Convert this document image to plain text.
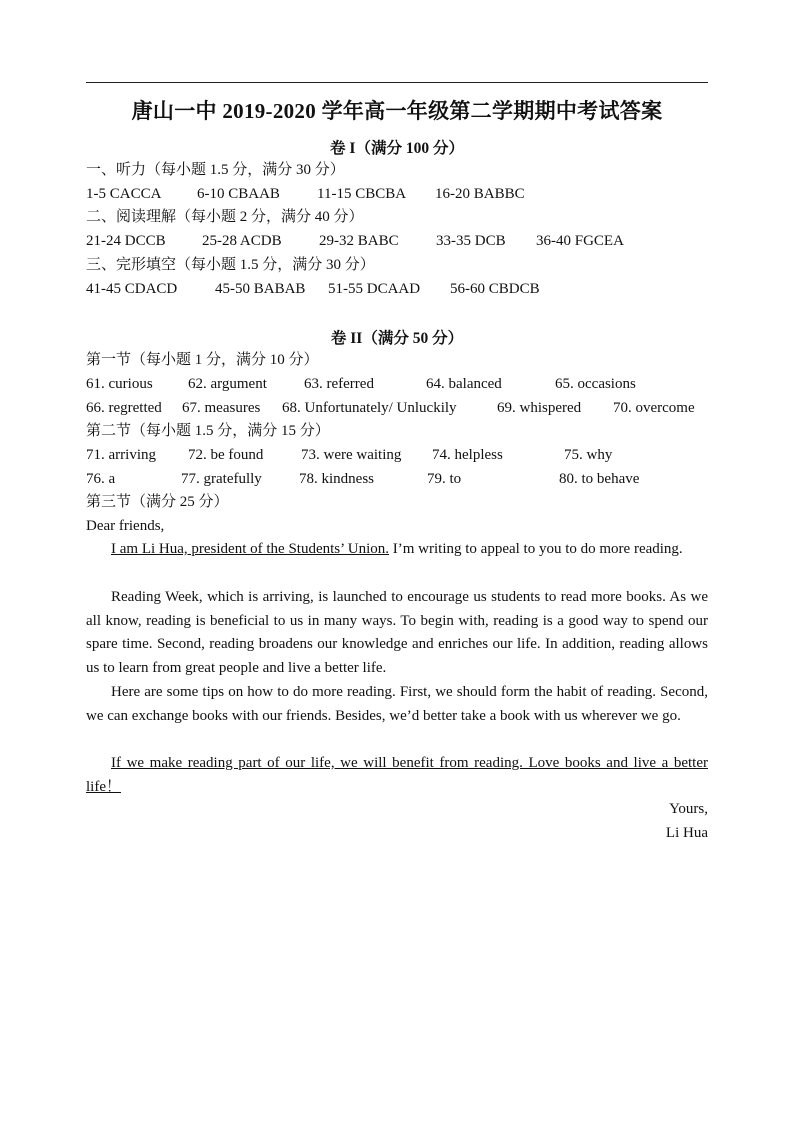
唐山一中 2019-2020 学年高一年级第二学期期中考试答案
卷 I（满分 100 分）
一、听力（每小题 1.5 分，满分 30 分）
1-5 CACCA 6-10 CBAAB 11-15 CBCBA 16-20 BABBC
二、阅读理解（每小题 2 分，满分 40 分）
21-24 DCCB 25-28 ACDB 29-32 BABC 33-35 DCB 36-40 FGCEA
三、完形填空（每小题 1.5 分，满分 30 分）
41-45 CDACD	45-50 BABAB 51-55 DCAAD 56-60 CBDCB
卷 II（满分 50 分）
第一节（每小题 1 分，满分 10 分）
61. curious 62. argument 63. referred	64. balanced	65. occasions
66. regretted 67. measures 68. Unfortunately/ Unluckily	69. whispered 70. overcome
第二节（每小题 1.5 分，满分 15 分）
71. arriving 72. be found	73. were waiting 74. helpless	75. why
76. a	77. gratefully 78. kindness	79. to	80. to behave
第三节（满分 25 分）
Dear friends,
I am Li Hua, president of the Students’ Union. I’m writing to appeal to you to do more reading.
Reading Week, which is arriving, is launched to encourage us students to read more books. As we all know, reading is beneficial to us in many ways. To begin with, reading is a good way to spend our spare time. Second, reading broadens our knowledge and enriches our life. In addition, reading allows us to learn from great people and live a better life.
Here are some tips on how to do more reading. First, we should form the habit of reading. Second, we can exchange books with our friends. Besides, we’d better take a book with us wherever we go.
If we make reading part of our life, we will benefit from reading. Love books and live a better life！
Yours,
Li Hua
